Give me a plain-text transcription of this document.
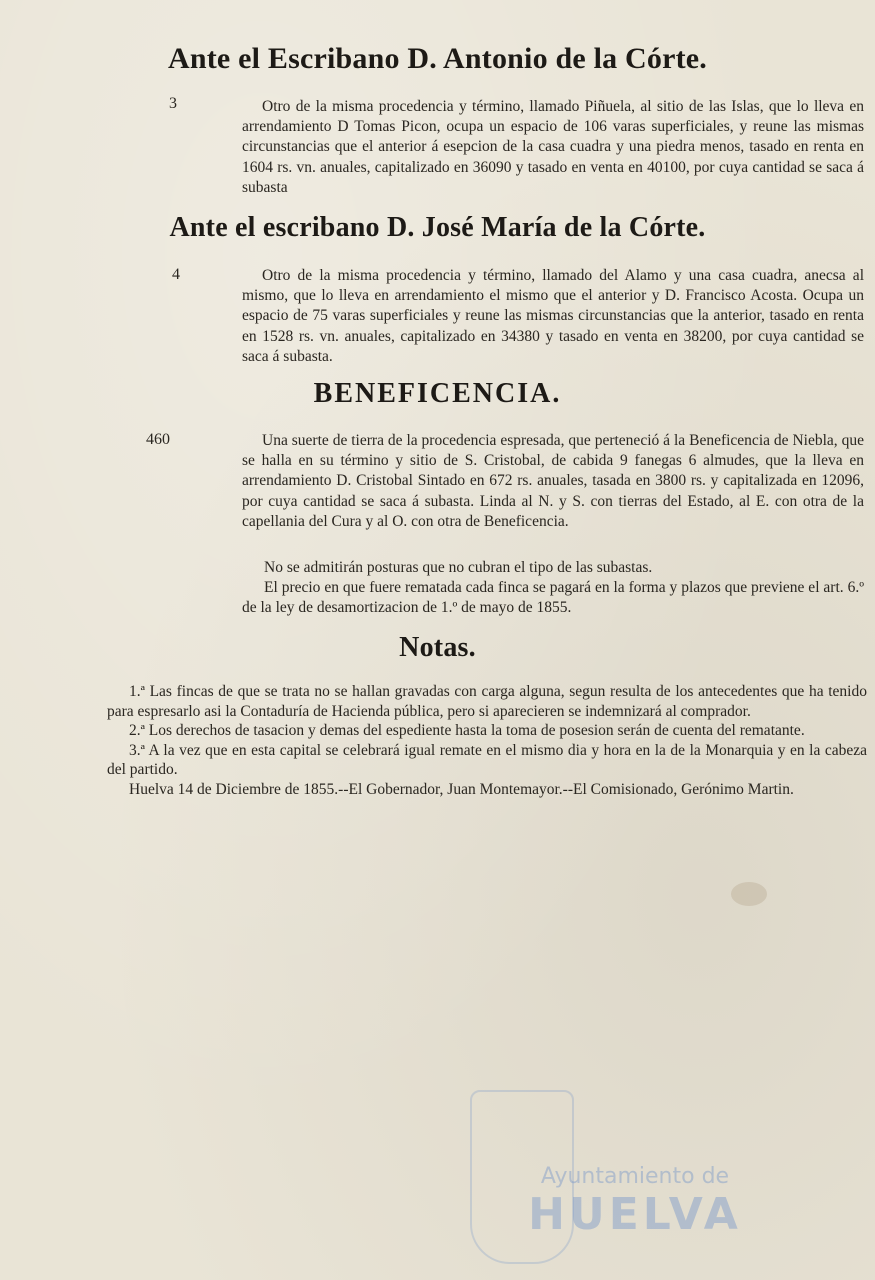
Ante el Escribano D. Antonio de la Córte.
3	Otro de la misma procedencia y término, llamado Piñuela, al sitio de las Islas, que lo lleva en arrendamiento D Tomas Picon, ocupa un espacio de 106 varas superficiales, y reune las mismas circunstancias que el anterior á esepcion de la casa cuadra y una piedra menos, tasado en renta en 1604 rs. vn. anuales, capitalizado en 36090 y tasado en venta en 40100, por cuya cantidad se saca á subasta
Ante el escribano D. José María de la Córte.
4	Otro de la misma procedencia y término, llamado del Alamo y una casa cuadra, anecsa al mismo, que lo lleva en arrendamiento el mismo que el anterior y D. Francisco Acosta. Ocupa un espacio de 75 varas superficiales y reune las mismas circunstancias que la anterior, tasado en renta en 1528 rs. vn. anuales, capitalizado en 34380 y tasado en venta en 38200, por cuya cantidad se saca á subasta.
BENEFICENCIA.
460	Una suerte de tierra de la procedencia espresada, que perteneció á la Beneficencia de Niebla, que se halla en su término y sitio de S. Cristobal, de cabida 9 fanegas 6 almudes, que la lleva en arrendamiento D. Cristobal Sintado en 672 rs. anuales, tasada en 3800 rs. y capitalizada en 12096, por cuya cantidad se saca á subasta. Linda al N. y S. con tierras del Estado, al E. con otra de la capellania del Cura y al O. con otra de Beneficencia.
No se admitirán posturas que no cubran el tipo de las subastas.
El precio en que fuere rematada cada finca se pagará en la forma y plazos que previene el art. 6.º de la ley de desamortizacion de 1.º de mayo de 1855.
Notas.

1.ª Las fincas de que se trata no se hallan gravadas con carga alguna, segun resulta de los antecedentes que ha tenido para espresarlo asi la Contaduría de Hacienda pública, pero si aparecieren se indemnizará al comprador.

2.ª Los derechos de tasacion y demas del espediente hasta la toma de posesion serán de cuenta del rematante.

3.ª A la vez que en esta capital se celebrará igual remate en el mismo dia y hora en la de la Monarquia y en la cabeza del partido.

Huelva 14 de Diciembre de 1855.--El Gobernador, Juan Montemayor.--El Comisionado, Gerónimo Martin.

Ayuntamiento de
HUELVA
